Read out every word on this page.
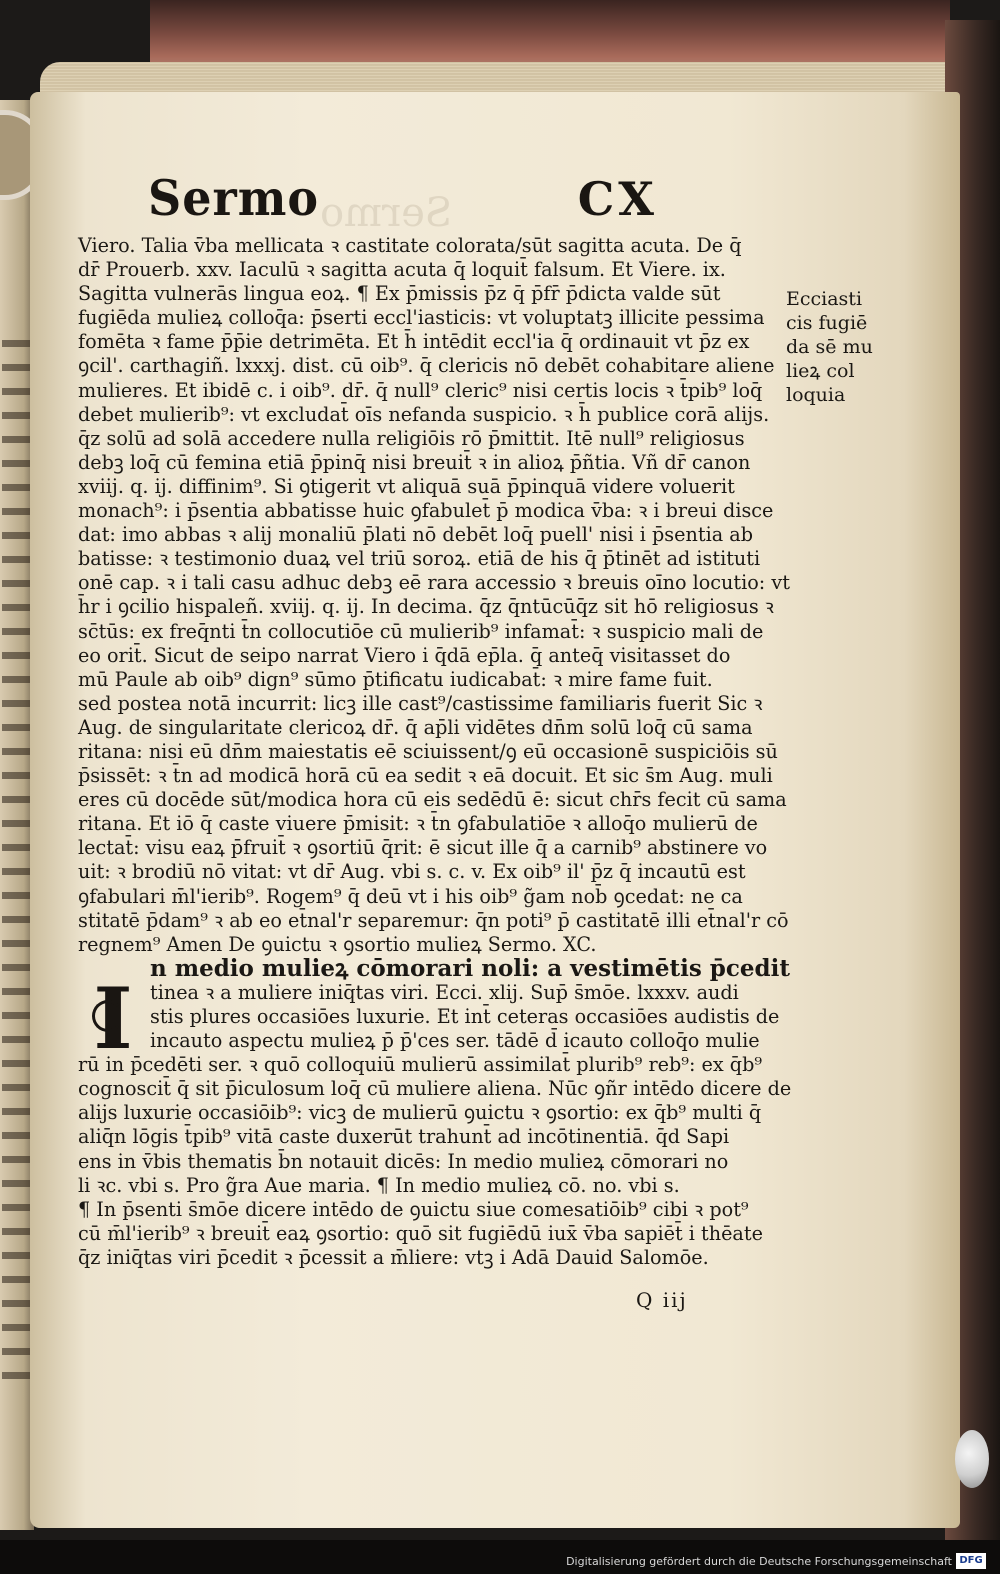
Sermo
Sermo	CX
Viero. Talia v̄ba mellicata ꝛ castitate colorata/sūt sagitta acuta. De q̄
dr̄ Prouerb. xxv. Iaculū ꝛ sagitta acuta q̄ loquit̄ falsum. Et Viere. ix.
Sagitta vulnerās lingua eoꝝ. ¶ Ex p̄missis p̄z q̄ p̄fr̄ p̄dicta valde sūt
fugiēda mulieꝝ colloq̄a: p̄serti eccl'iasticis: vt voluptatꝫ illicite pessima
fomēta ꝛ fame p̄p̄ie detrimēta. Et h̄ intēdit eccl'ia q̄ ordinauit vt p̄z ex
ꝯcil'. carthagiñ. lxxxj. dist. cū oib⁹. q̄ clericis nō debēt cohabitare aliene
mulieres. Et ibidē c. i oib⁹. dr̄. q̄ null⁹ cleric⁹ nisi certis locis ꝛ t̄pib⁹ loq̄
debet mulierib⁹: vt excludat̄ oīs nefanda suspicio. ꝛ h̄ publice corā alijs.
q̄z solū ad solā accedere nulla religiōis rō p̄mittit. Itē null⁹ religiosus
debꝫ loq̄ cū femina etiā p̄pinq̄ nisi breuit̄ ꝛ in alioꝝ p̄ñtia. Vñ dr̄ canon
xviij. q. ij. diffinim⁹. Si ꝯtigerit vt aliquā suā p̄pinquā videre voluerit
monach⁹: i p̄sentia abbatisse huic ꝯfabulet̄ p̄ modica v̄ba: ꝛ i breui disce
dat: imo abbas ꝛ alij monaliū p̄lati nō debēt loq̄ puell' nisi i p̄sentia ab
batisse: ꝛ testimonio duaꝝ vel triū soroꝝ. etiā de his q̄ p̄tinēt ad istituti
onē cap. ꝛ i tali casu adhuc debꝫ eē rara accessio ꝛ breuis oīno locutio: vt
h̄r i ꝯcilio hispaleñ. xviij. q. ij. In decima. q̄z q̄ntūcūq̄z sit hō religiosus ꝛ
sc̄tūs: ex freq̄nti t̄n collocutiōe cū mulierib⁹ infamat̄: ꝛ suspicio mali de
eo orit̄. Sicut de seipo narrat Viero i q̄dā ep̄la. q̄ anteq̄ visitasset do
mū Paule ab oib⁹ dign⁹ sūmo p̄tificatu iudicabat̄: ꝛ mire fame fuit.
sed postea notā incurrit: licꝫ ille cast⁹/castissime familiaris fuerit Sic ꝛ
Aug. de singularitate clericoꝝ dr̄. q̄ ap̄li vidētes dn̄m solū loq̄ cū sama
ritana: nisi eū dn̄m maiestatis eē sciuissent/ꝯ eū occasionē suspiciōis sū
p̄sissēt: ꝛ t̄n ad modicā horā cū ea sedit ꝛ eā docuit. Et sic s̄m Aug. muli
eres cū docēde sūt/modica hora cū eis sedēdū ē: sicut chr̄s fecit cū sama
ritana. Et iō q̄ caste viuere p̄misit: ꝛ t̄n ꝯfabulatiōe ꝛ alloq̄o mulierū de
lectat̄: visu eaꝝ p̄fruit̄ ꝛ ꝯsortiū q̄rit: ē sicut ille q̄ a carnib⁹ abstinere vo
uit: ꝛ brodiū nō vitat: vt dr̄ Aug. vbi s. c. v. Ex oib⁹ il' p̄z q̄ incautū est
ꝯfabulari m̄l'ierib⁹. Rogem⁹ q̄ deū vt i his oib⁹ g̃am nob̄ ꝯcedat: ne ca
stitatē p̄dam⁹ ꝛ ab eo et̄nal'r separemur: q̄n poti⁹ p̄ castitatē illi et̄nal'r cō
regnem⁹ Amen De ꝯuictu ꝛ ꝯsortio mulieꝝ Sermo. XC.
n medio mulieꝝ cōmorari noli: a vestimētis p̄cedit
tinea ꝛ a muliere iniq̄tas viri. Ecci. xlij. Sup̄ s̄mōe. lxxxv. audi
stis plures occasiōes luxurie. Et int̄ ceteras occasiōes audistis de
incauto aspectu mulieꝝ p̄ p̄'ces ser. tādē d̄ icauto colloq̄o mulie
rū in p̄cedēti ser. ꝛ quō colloquiū mulierū assimilat̄ plurib⁹ reb⁹: ex q̄b⁹
cognoscit̄ q̄ sit p̄iculosum loq̄ cū muliere aliena. Nūc ꝯñr intēdo dicere de
alijs luxurie occasiōib⁹: vicꝫ de mulierū ꝯuictu ꝛ ꝯsortio: ex q̄b⁹ multi q̄
aliq̄n lōgis t̄pib⁹ vitā caste duxerūt trahunt̄ ad incōtinentiā. q̄d Sapi
ens in v̄bis thematis b̄n notauit dicēs: In medio mulieꝝ cōmorari no
li ꝛc. vbi s. Pro g̃ra Aue maria. ¶ In medio mulieꝝ cō. no. vbi s.
¶ In p̄senti s̄mōe dicere intēdo de ꝯuictu siue comesatiōib⁹ cibi ꝛ pot⁹
cū m̄l'ierib⁹ ꝛ breuit̄ eaꝝ ꝯsortio: quō sit fugiēdū iux̄ v̄ba sapiēt̄ i thēate
q̄z iniq̄tas viri p̄cedit ꝛ p̄cessit a m̄liere: vtꝫ i Adā Dauid Salomōe.
I
Ecciasti
cis fugiē
da sē mu
lieꝝ col
loquia
Q iij
Digitalisierung gefördert durch die Deutsche Forschungsgemeinschaft DFG
